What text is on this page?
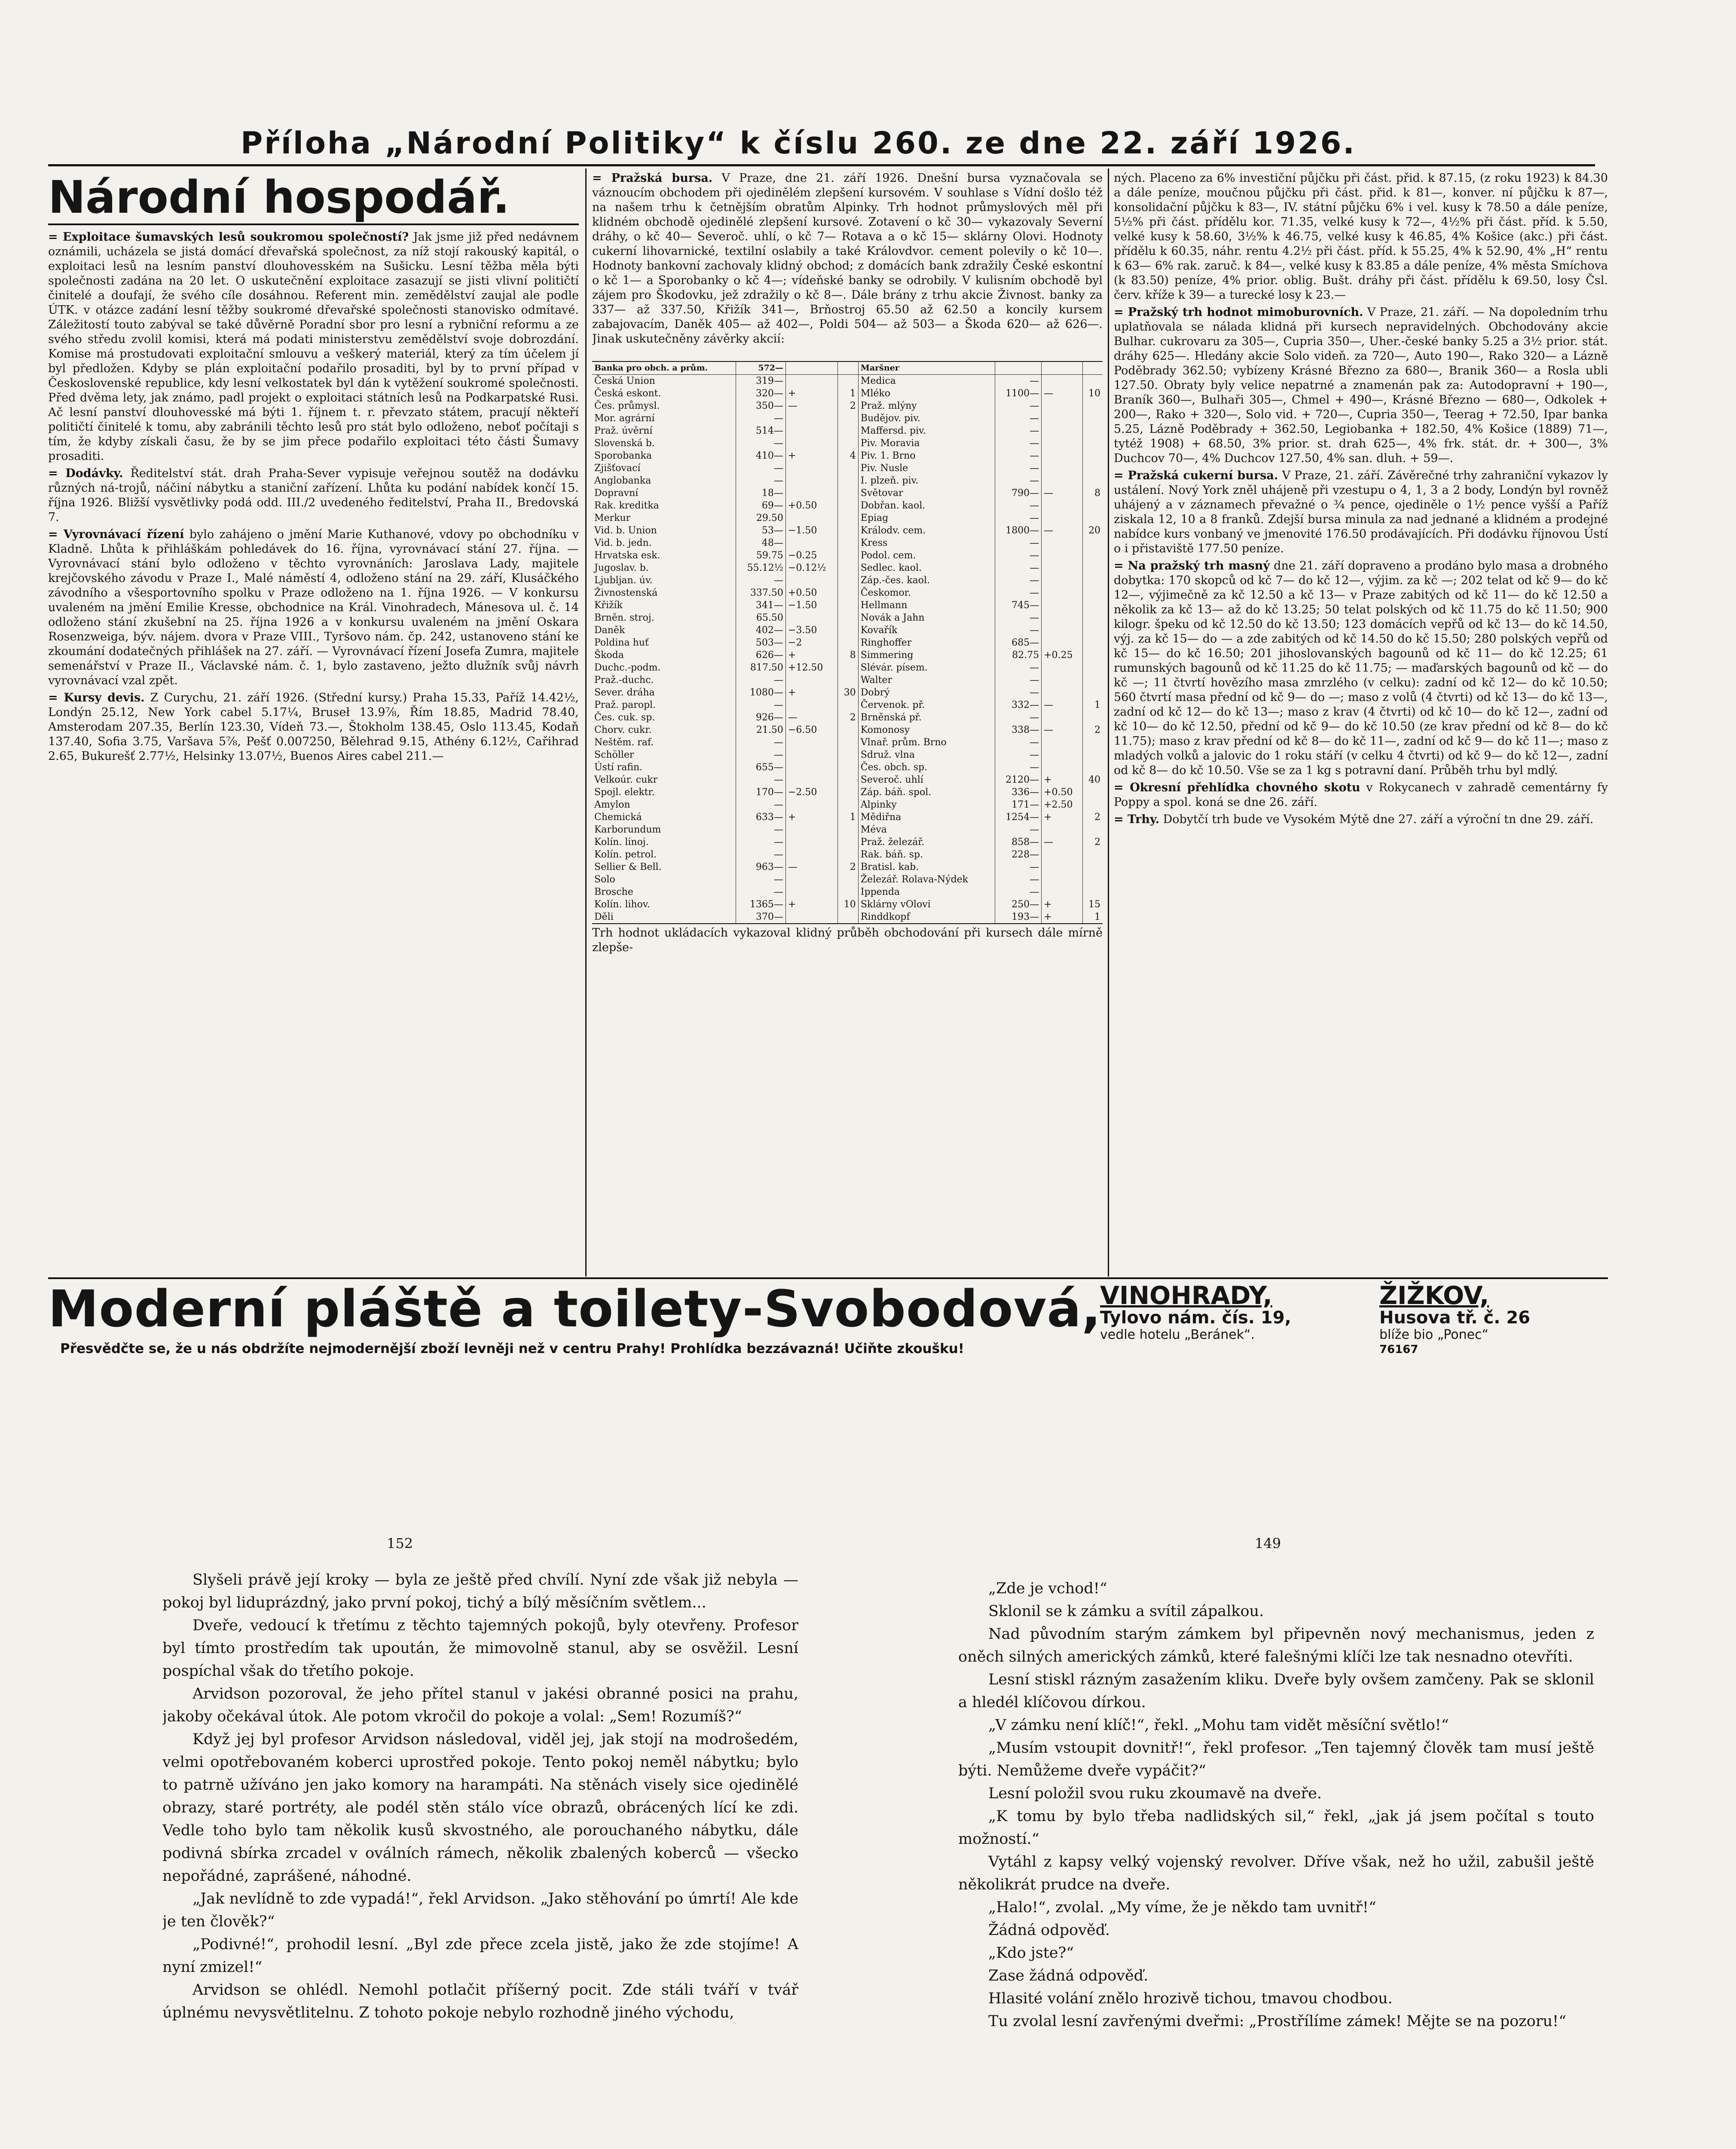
Příloha „Národní Politiky“ k číslu 260. ze dne 22. září 1926.
Národní hospodář.

= Exploitace šumavských lesů soukromou společností? Jak jsme již před nedávnem oznámili, ucházela se jistá domácí dřevařská společnost, za níž stojí rakouský kapitál, o exploitaci lesů na lesním panství dlouhovesském na Sušicku. Lesní těžba měla býti společnosti zadána na 20 let. O uskutečnění exploitace zasazují se jisti vlivní političtí činitelé a doufají, že svého cíle dosáhnou. Referent min. zemědělství zaujal ale podle ÚTK. v otázce zadání lesní těžby soukromé dřevařské společnosti stanovisko odmítavé. Záležitostí touto zabýval se také důvěrně Poradní sbor pro lesní a rybniční reformu a ze svého středu zvolil komisi, která má podati ministerstvu zemědělství svoje dobrozdání. Komise má prostudovati exploitační smlouvu a veškerý materiál, který za tím účelem jí byl předložen. Kdyby se plán exploitační podařilo prosaditi, byl by to první případ v Československé republice, kdy lesní velkostatek byl dán k vytěžení soukromé společnosti. Před dvěma lety, jak známo, padl projekt o exploitaci státních lesů na Podkarpatské Rusi. Ač lesní panství dlouhovesské má býti 1. říjnem t. r. převzato státem, pracují někteří političtí činitelé k tomu, aby zabránili těchto lesů pro stát bylo odloženo, neboť počítaji s tím, že kdyby získali času, že by se jim přece podařilo exploitaci této části Šumavy prosaditi.

= Dodávky. Ředitelství stát. drah Praha-Sever vypisuje veřejnou soutěž na dodávku různých ná-trojů, náčiní nábytku a staniční zařízení. Lhůta ku podání nabídek končí 15. října 1926. Bližší vysvětlivky podá odd. III./2 uvedeného ředitelství, Praha II., Bredovská 7.

= Vyrovnávací řízení bylo zahájeno o jmění Marie Kuthanové, vdovy po obchodníku v Kladně. Lhůta k přihláškám pohledávek do 16. října, vyrovnávací stání 27. října. — Vyrovnávací stání bylo odloženo v těchto vyrovnáních: Jaroslava Lady, majitele krejčovského závodu v Praze I., Malé náměstí 4, odloženo stání na 29. září, Klusáčkého závodního a všesportovního spolku v Praze odloženo na 1. října 1926. — V konkursu uvaleném na jmění Emilie Kresse, obchodnice na Král. Vinohradech, Mánesova ul. č. 14 odloženo stání zkušební na 25. října 1926 a v konkursu uvaleném na jmění Oskara Rosenzweiga, býv. nájem. dvora v Praze VIII., Tyršovo nám. čp. 242, ustanoveno stání ke zkoumání dodatečných přihlášek na 27. září. — Vyrovnávací řízení Josefa Zumra, majitele semenářství v Praze II., Václavské nám. č. 1, bylo zastaveno, ježto dlužník svůj návrh vyrovnávací vzal zpět.

= Kursy devis. Z Curychu, 21. září 1926. (Střední kursy.) Praha 15.33, Paříž 14.42½, Londýn 25.12, New York cabel 5.17¼, Bruseł 13.9⅞, Řím 18.85, Madrid 78.40, Amsterodam 207.35, Berlín 123.30, Vídeň 73.—, Štokholm 138.45, Oslo 113.45, Kodaň 137.40, Sofia 3.75, Varšava 5⅞, Pešť 0.007250, Bělehrad 9.15, Athény 6.12½, Cařihrad 2.65, Bukurešť 2.77½, Helsinky 13.07½, Buenos Aires cabel 211.—

= Pražská bursa. V Praze, dne 21. září 1926. Dnešní bursa vyznačovala se váznoucím obchodem při ojedinělém zlepšení kursovém. V souhlase s Vídní došlo též na našem trhu k četnějším obratům Alpinky. Trh hodnot průmyslových měl při klidném obchodě ojedinělé zlepšení kursové. Zotavení o kč 30— vykazovaly Severní dráhy, o kč 40— Severoč. uhlí, o kč 7— Rotava a o kč 15— sklárny Olovi. Hodnoty cukerní lihovarnické, textilní oslabily a také Královdvor. cement polevily o kč 10—. Hodnoty bankovní zachovaly klidný obchod; z domácích bank zdražily České eskontní o kč 1— a Sporobanky o kč 4—; vídeňské banky se odrobily. V kulisním obchodě byl zájem pro Škodovku, jež zdražily o kč 8—. Dále brány z trhu akcie Živnost. banky za 337— až 337.50, Křižík 341—, Brňostroj 65.50 až 62.50 a koncily kursem zabajovacím, Daněk 405— až 402—, Poldi 504— až 503— a Škoda 620— až 626—. Jinak uskutečněny závěrky akcií:

Banka pro obch. a prům.	572—			Maršner			
Česká Union	319—			Medica	—		
Česká eskont.	320—	+	1	Mléko	1100—	—	10
Čes. průmysl.	350—	—	2	Praž. mlýny	—		
Mor. agrární	—			Budějov. piv.	—		
Praž. úvěrní	514—			Maffersd. piv.	—		
Slovenská b.	—			Piv. Moravia	—		
Sporobanka	410—	+	4	Piv. 1. Brno	—		
Zjišťovací	—			Piv. Nusle	—		
Anglobanka	—			I. plzeň. piv.	—		
Dopravní	18—			Světovar	790—	—	8
Rak. kreditka	69—	+0.50		Dobřan. kaol.	—		
Merkur	29.50			Epiag	—		
Vid. b. Union	53—	−1.50		Králodv. cem.	1800—	—	20
Vid. b. jedn.	48—			Kress	—		
Hrvatska esk.	59.75	−0.25		Podol. cem.	—		
Jugoslav. b.	55.12½	−0.12½		Sedlec. kaol.	—		
Ljubljan. úv.	—			Záp.-čes. kaol.	—		
Živnostenská	337.50	+0.50		Českomor.	—		
Křižík	341—	−1.50		Hellmann	745—		
Brněn. stroj.	65.50			Novák a Jahn	—		
Daněk	402—	−3.50		Kovařík	—		
Poldina huť	503—	−2		Ringhoffer	685—		
Škoda	626—	+	8	Simmering	82.75	+0.25	
Duchc.-podm.	817.50	+12.50		Slévár. písem.	—		
Praž.-duchc.	—			Walter	—		
Sever. dráha	1080—	+	30	Dobrý	—		
Praž. paropl.	—			Červenok. př.	332—	—	1
Čes. cuk. sp.	926—	—	2	Brněnská př.	—		
Chorv. cukr.	21.50	−6.50		Komonosy	338—	—	2
Neštěm. raf.	—			Vlnař. prům. Brno	—		
Schöller	—			Sdruž. vlna	—		
Ústí rafin.	655—			Čes. obch. sp.	—		
Velkoúr. cukr	—			Severoč. uhlí	2120—	+	40
Spojl. elektr.	170—	−2.50		Záp. báň. spol.	336—	+0.50	
Amylon	—			Alpinky	171—	+2.50	
Chemická	633—	+	1	Mědiřna	1254—	+	2
Karborundum	—			Méva	—		
Kolín. linoj.	—			Praž. železář.	858—	—	2
Kolín. petrol.	—			Rak. báň. sp.	228—		
Sellier & Bell.	963—	—	2	Bratisl. kab.	—		
Solo	—			Železář. Rolava-Nýdek	—		
Brosche	—			Ippenda	—		
Kolín. lihov.	1365—	+	10	Sklárny vOlovi	250—	+	15
Děli	370—			Rinddkopf	193—	+	1
Trh hodnot ukládacích vykazoval klidný průběh obchodování při kursech dále mírně zlepše-

ných. Placeno za 6% investiční půjčku při část. přid. k 87.15, (z roku 1923) k 84.30 a dále peníze, moučnou půjčku při část. přid. k 81—, konver. ní půjčku k 87—, konsolidační půjčku k 83—, IV. státní půjčku 6% i vel. kusy k 78.50 a dále peníze, 5½% při část. přídělu kor. 71.35, velké kusy k 72—, 4½% při část. příd. k 5.50, velké kusy k 58.60, 3½% k 46.75, velké kusy k 46.85, 4% Košice (akc.) při část. přídělu k 60.35, náhr. rentu 4.2½ při část. příd. k 55.25, 4% k 52.90, 4% „H“ rentu k 63— 6% rak. zaruč. k 84—, velké kusy k 83.85 a dále peníze, 4% města Smíchova (k 83.50) peníze, 4% prior. oblig. Bušt. dráhy při část. přídělu k 69.50, losy Čsl. červ. kříže k 39— a turecké losy k 23.—

= Pražský trh hodnot mimoburovních. V Praze, 21. září. — Na dopoledním trhu uplatňovala se nálada klidná při kursech nepravidelných. Obchodovány akcie Bulhar. cukrovaru za 305—, Cupria 350—, Uher.-české banky 5.25 a 3½ prior. stát. dráhy 625—. Hledány akcie Solo videň. za 720—, Auto 190—, Rako 320— a Lázně Poděbrady 362.50; vybízeny Krásné Březno za 680—, Branik 360— a Rosla ubli 127.50. Obraty byly velice nepatrné a znamenán pak za: Autodopravní + 190—, Braník 360—, Bulhaři 305—, Chmel + 490—, Krásné Březno — 680—, Odkolek + 200—, Rako + 320—, Solo vid. + 720—, Cupria 350—, Teerag + 72.50, Ipar banka 5.25, Lázně Poděbrady + 362.50, Legiobanka + 182.50, 4% Košice (1889) 71—, tytéž 1908) + 68.50, 3% prior. st. drah 625—, 4% frk. stát. dr. + 300—, 3% Duchcov 70—, 4% Duchcov 127.50, 4% san. dluh. + 59—.

= Pražská cukerní bursa. V Praze, 21. září. Závěrečné trhy zahraniční vykazov ly ustálení. Nový York zněl uhájeně při vzestupu o 4, 1, 3 a 2 body, Londýn byl rovněž uhájený a v záznamech převažné o ¾ pence, ojediněle o 1½ pence vyšší a Paříž ziskala 12, 10 a 8 franků. Zdejší bursa minula za nad jednané a klidném a prodejné nabídce kurs vonbaný ve jmenovité 176.50 prodávajících. Při dodávku říjnovou Ústí o i přistaviště 177.50 peníze.

= Na pražský trh masný dne 21. září dopraveno a prodáno bylo masa a drobného dobytka: 170 skopců od kč 7— do kč 12—, výjim. za kč —; 202 telat od kč 9— do kč 12—, výjimečně za kč 12.50 a kč 13— v Praze zabitých od kč 11— do kč 12.50 a několik za kč 13— až do kč 13.25; 50 telat polských od kč 11.75 do kč 11.50; 900 kilogr. špeku od kč 12.50 do kč 13.50; 123 domácích vepřů od kč 13— do kč 14.50, výj. za kč 15— do — a zde zabitých od kč 14.50 do kč 15.50; 280 polských vepřů od kč 15— do kč 16.50; 201 jihoslovanských bagounů od kč 11— do kč 12.25; 61 rumunských bagounů od kč 11.25 do kč 11.75; — maďarských bagounů od kč — do kč —; 11 čtvrtí hovězího masa zmrzlého (v celku): zadní od kč 12— do kč 10.50; 560 čtvrtí masa přední od kč 9— do —; maso z volů (4 čtvrti) od kč 13— do kč 13—, zadní od kč 12— do kč 13—; maso z krav (4 čtvrti) od kč 10— do kč 12—, zadní od kč 10— do kč 12.50, přední od kč 9— do kč 10.50 (ze krav přední od kč 8— do kč 11.75); maso z krav přední od kč 8— do kč 11—, zadní od kč 9— do kč 11—; maso z mladých volků a jalovic do 1 roku stáří (v celku 4 čtvrti) od kč 9— do kč 12—, zadní od kč 8— do kč 10.50. Vše se za 1 kg s potravní daní. Průběh trhu byl mdlý.

= Okresní přehlídka chovného skotu v Rokycanech v zahradě cementárny fy Poppy a spol. koná se dne 26. září.

= Trhy. Dobytčí trh bude ve Vysokém Mýtě dne 27. září a výroční tn dne 29. září.

Moderní pláště a toilety-Svobodová,
VINOHRADY,
Tylovo nám. čís. 19,
vedle hotelu „Beránek“.
ŽIŽKOV,
Husova tř. č. 26
blíže bio „Ponec“
76167
Přesvědčte se, že u nás obdržíte nejmodernější zboží levněji než v centru Prahy! Prohlídka bezzávazná! Učiňte zkoušku!
152

Slyšeli právě její kroky — byla ze ještě před chvílí. Nyní zde však již nebyla — pokoj byl liduprázdný, jako první pokoj, tichý a bílý měsíčním světlem...

Dveře, vedoucí k třetímu z těchto tajemných pokojů, byly otevřeny. Profesor byl tímto prostředím tak upoután, že mimovolně stanul, aby se osvěžil. Lesní pospíchal však do třetího pokoje.

Arvidson pozoroval, že jeho přítel stanul v jakési obranné posici na prahu, jakoby očekával útok. Ale potom vkročil do pokoje a volal: „Sem! Rozumíš?“

Když jej byl profesor Arvidson následoval, viděl jej, jak stojí na modrošedém, velmi opotřebovaném koberci uprostřed pokoje. Tento pokoj neměl nábytku; bylo to patrně užíváno jen jako komory na harampáti. Na stěnách visely sice ojedinělé obrazy, staré portréty, ale podél stěn stálo více obrazů, obrácených lící ke zdi. Vedle toho bylo tam několik kusů skvostného, ale porouchaného nábytku, dále podivná sbírka zrcadel v oválních rámech, několik zbalených koberců — všecko nepořádné, zaprášené, náhodné.

„Jak nevlídně to zde vypadá!“, řekl Arvidson. „Jako stěhování po úmrtí! Ale kde je ten člověk?“

„Podivné!“, prohodil lesní. „Byl zde přece zcela jistě, jako že zde stojíme! A nyní zmizel!“

Arvidson se ohlédl. Nemohl potlačit příšerný pocit. Zde stáli tváří v tvář úplnému nevysvětlitelnu. Z tohoto pokoje nebylo rozhodně jiného východu,

149

„Zde je vchod!“

Sklonil se k zámku a svítil zápalkou.

Nad původním starým zámkem byl připevněn nový mechanismus, jeden z oněch silných amerických zámků, které falešnými klíči lze tak nesnadno otevříti.

Lesní stiskl rázným zasažením kliku. Dveře byly ovšem zamčeny. Pak se sklonil a hledél klíčovou dírkou.

„V zámku není klíč!“, řekl. „Mohu tam vidět měsíční světlo!“

„Musím vstoupit dovnitř!“, řekl profesor. „Ten tajemný člověk tam musí ještě býti. Nemůžeme dveře vypáčit?“

Lesní položil svou ruku zkoumavě na dveře.

„K tomu by bylo třeba nadlidských sil,“ řekl, „jak já jsem počítal s touto možností.“

Vytáhl z kapsy velký vojenský revolver. Dříve však, než ho užil, zabušil ještě několikrát prudce na dveře.

„Halo!“, zvolal. „My víme, že je někdo tam uvnitř!“

Žádná odpověď.

„Kdo jste?“

Zase žádná odpověď.

Hlasité volání znělo hrozivě tichou, tmavou chodbou.

Tu zvolal lesní zavřenými dveřmi: „Prostřílíme zámek! Mějte se na pozoru!“
